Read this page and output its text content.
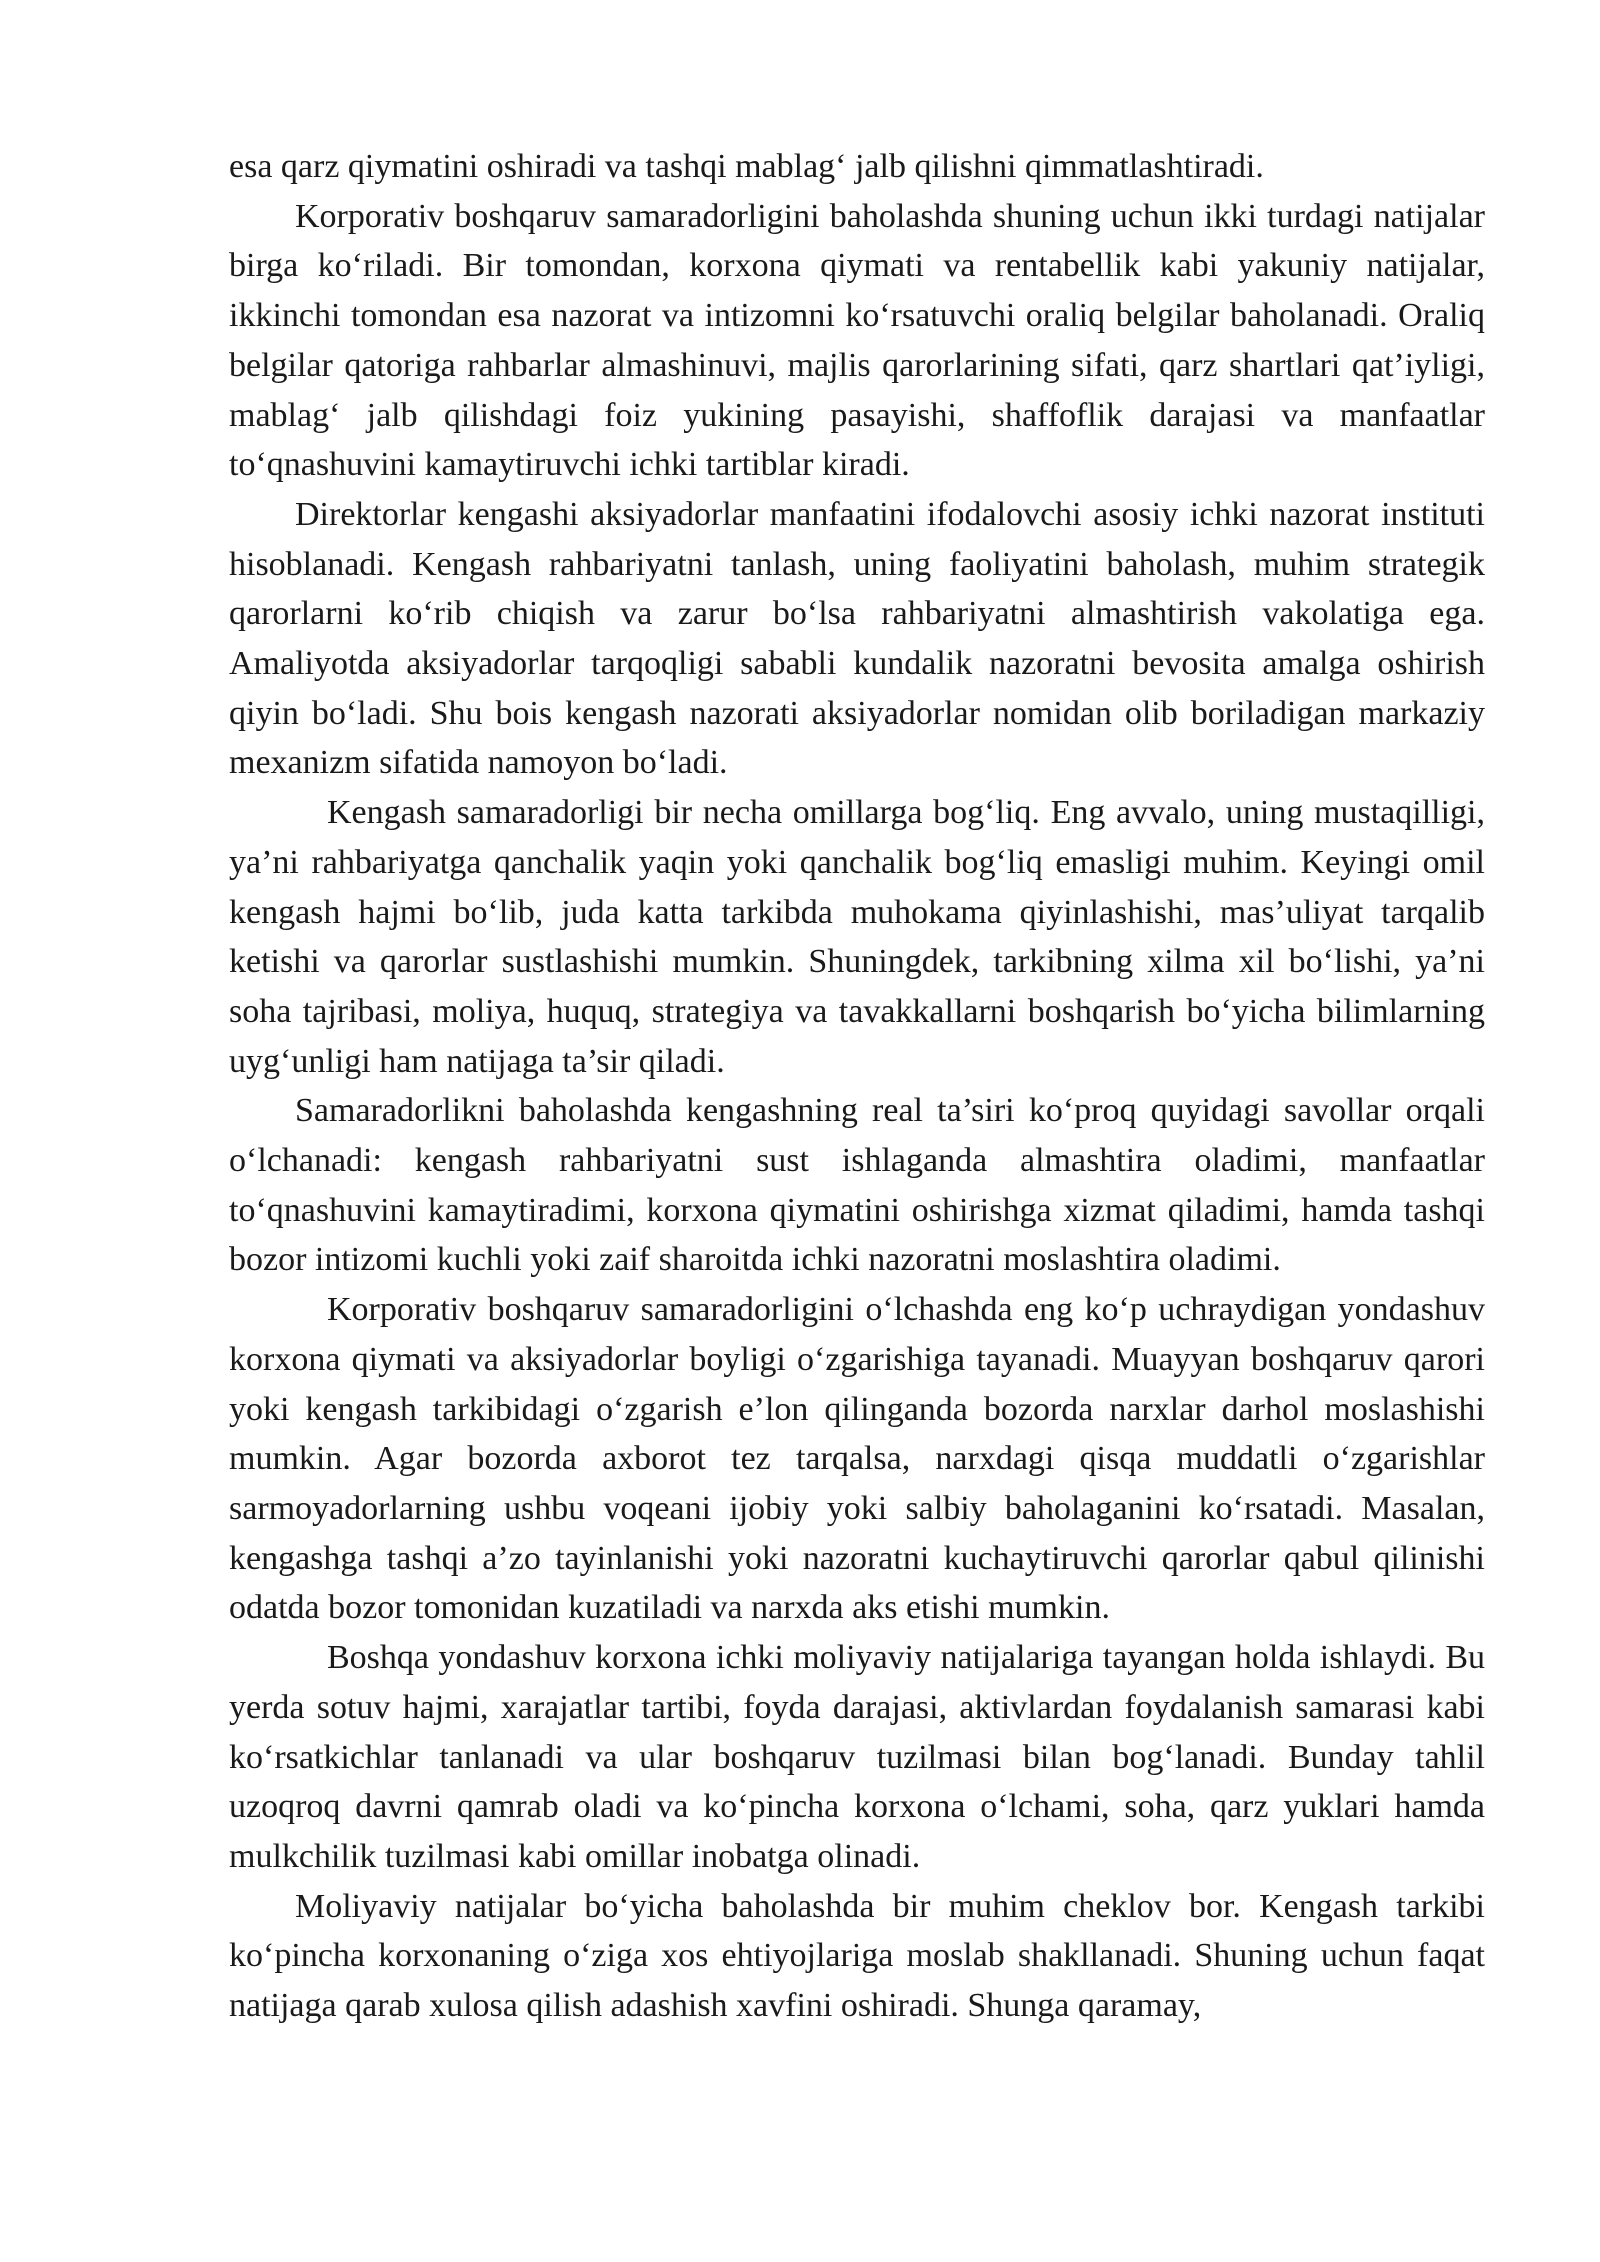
esa qarz qiymatini oshiradi va tashqi mablag‘ jalb qilishni qimmatlashtiradi.

Korporativ boshqaruv samaradorligini baholashda shuning uchun ikki turdagi natijalar birga ko‘riladi. Bir tomondan, korxona qiymati va rentabellik kabi yakuniy natijalar, ikkinchi tomondan esa nazorat va intizomni ko‘rsatuvchi oraliq belgilar baholanadi. Oraliq belgilar qatoriga rahbarlar almashinuvi, majlis qarorlarining sifati, qarz shartlari qat’iyligi, mablag‘ jalb qilishdagi foiz yukining pasayishi, shaffoflik darajasi va manfaatlar to‘qnashuvini kamaytiruvchi ichki tartiblar kiradi.

Direktorlar kengashi aksiyadorlar manfaatini ifodalovchi asosiy ichki nazorat instituti hisoblanadi. Kengash rahbariyatni tanlash, uning faoliyatini baholash, muhim strategik qarorlarni ko‘rib chiqish va zarur bo‘lsa rahbariyatni almashtirish vakolatiga ega. Amaliyotda aksiyadorlar tarqoqligi sababli kundalik nazoratni bevosita amalga oshirish qiyin bo‘ladi. Shu bois kengash nazorati aksiyadorlar nomidan olib boriladigan markaziy mexanizm sifatida namoyon bo‘ladi.

Kengash samaradorligi bir necha omillarga bog‘liq. Eng avvalo, uning mustaqilligi, ya’ni rahbariyatga qanchalik yaqin yoki qanchalik bog‘liq emasligi muhim. Keyingi omil kengash hajmi bo‘lib, juda katta tarkibda muhokama qiyinlashishi, mas’uliyat tarqalib ketishi va qarorlar sustlashishi mumkin. Shuningdek, tarkibning xilma xil bo‘lishi, ya’ni soha tajribasi, moliya, huquq, strategiya va tavakkallarni boshqarish bo‘yicha bilimlarning uyg‘unligi ham natijaga ta’sir qiladi.

Samaradorlikni baholashda kengashning real ta’siri ko‘proq quyidagi savollar orqali o‘lchanadi: kengash rahbariyatni sust ishlaganda almashtira oladimi, manfaatlar to‘qnashuvini kamaytiradimi, korxona qiymatini oshirishga xizmat qiladimi, hamda tashqi bozor intizomi kuchli yoki zaif sharoitda ichki nazoratni moslashtira oladimi.

Korporativ boshqaruv samaradorligini o‘lchashda eng ko‘p uchraydigan yondashuv korxona qiymati va aksiyadorlar boyligi o‘zgarishiga tayanadi. Muayyan boshqaruv qarori yoki kengash tarkibidagi o‘zgarish e’lon qilinganda bozorda narxlar darhol moslashishi mumkin. Agar bozorda axborot tez tarqalsa, narxdagi qisqa muddatli o‘zgarishlar sarmoyadorlarning ushbu voqeani ijobiy yoki salbiy baholaganini ko‘rsatadi. Masalan, kengashga tashqi a’zo tayinlanishi yoki nazoratni kuchaytiruvchi qarorlar qabul qilinishi odatda bozor tomonidan kuzatiladi va narxda aks etishi mumkin.

Boshqa yondashuv korxona ichki moliyaviy natijalariga tayangan holda ishlaydi. Bu yerda sotuv hajmi, xarajatlar tartibi, foyda darajasi, aktivlardan foydalanish samarasi kabi ko‘rsatkichlar tanlanadi va ular boshqaruv tuzilmasi bilan bog‘lanadi. Bunday tahlil uzoqroq davrni qamrab oladi va ko‘pincha korxona o‘lchami, soha, qarz yuklari hamda mulkchilik tuzilmasi kabi omillar inobatga olinadi.

Moliyaviy natijalar bo‘yicha baholashda bir muhim cheklov bor. Kengash tarkibi ko‘pincha korxonaning o‘ziga xos ehtiyojlariga moslab shakllanadi. Shuning uchun faqat natijaga qarab xulosa qilish adashish xavfini oshiradi. Shunga qaramay,
